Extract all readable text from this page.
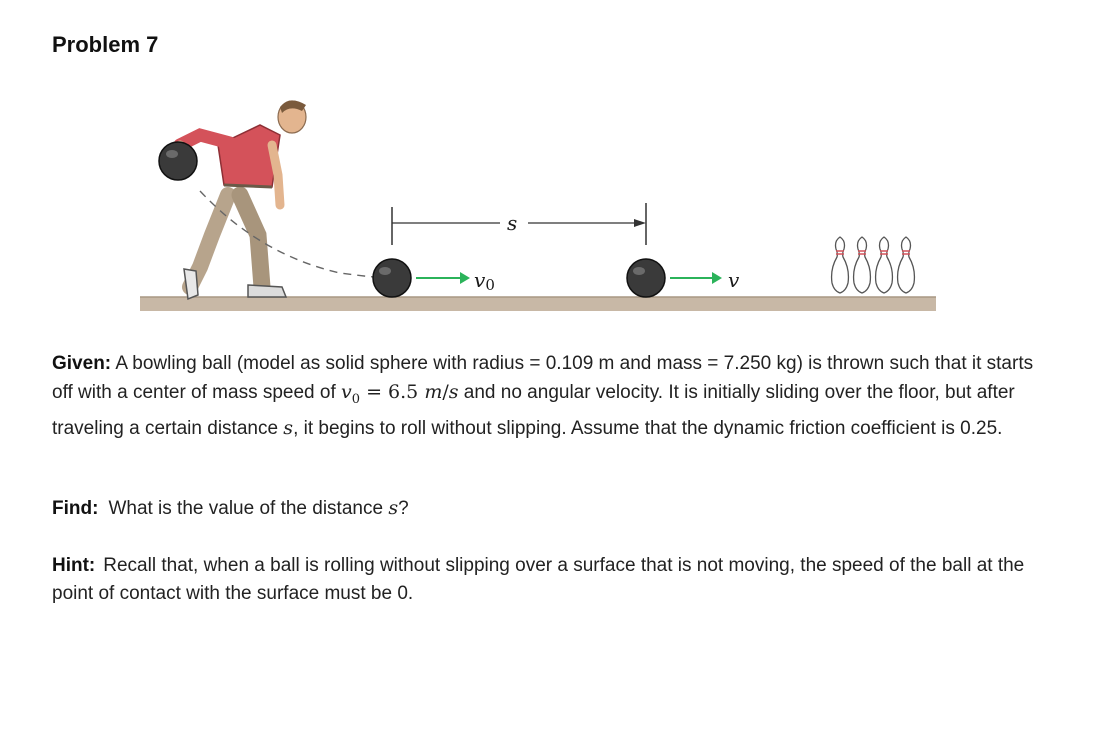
Problem 7
v0
s
v

Given: A bowling ball (model as solid sphere with radius = 0.109 m and mass = 7.250 kg) is thrown such that it starts off with a center of mass speed of $v_0 = 6.5$ m/s and no angular velocity. It is initially sliding over the floor, but after traveling a certain distance s, it begins to roll without slipping. Assume that the dynamic friction coefficient is 0.25.

Find: What is the value of the distance s?

Hint: Recall that, when a ball is rolling without slipping over a surface that is not moving, the speed of the ball at the point of contact with the surface must be 0.
